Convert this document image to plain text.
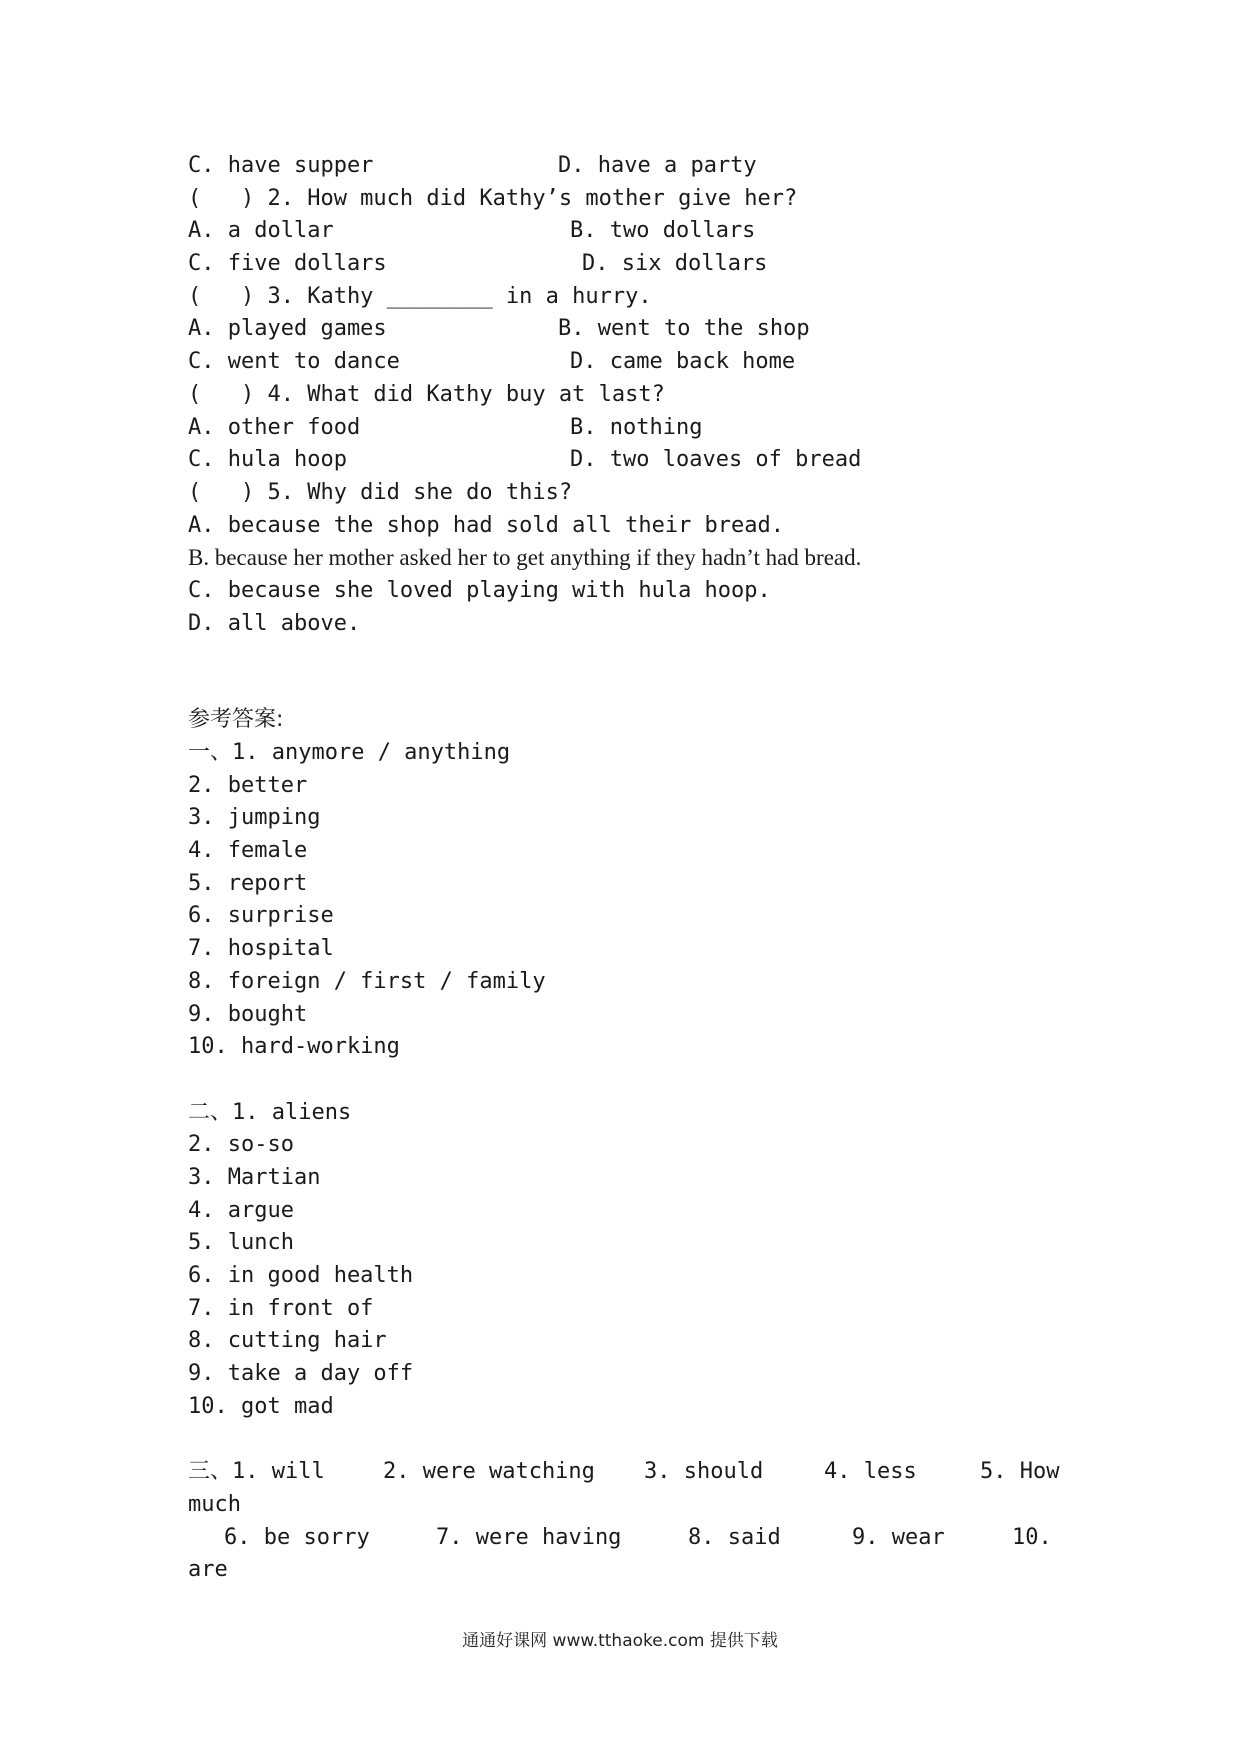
C. have supper

	D. have a party

(   ) 2. How much did Kathy’s mother give her?

A. a dollar

	B. two dollars

C. five dollars

	D. six dollars

(   ) 3. Kathy ________ in a hurry.

A. played games

	B. went to the shop

C. went to dance

	D. came back home

(   ) 4. What did Kathy buy at last?

A. other food

	B. nothing

C. hula hoop

	D. two loaves of bread

(   ) 5. Why did she do this?

A. because the shop had sold all their bread.

B. because her mother asked her to get anything if they hadn’t had bread.

C. because she loved playing with hula hoop.

D. all above.

参考答案:

一、1. anymore / anything
2. better
3. jumping
4. female
5. report
6. surprise
7. hospital
8. foreign / first / family
9. bought
10. hard-working
二、1. aliens
2. so-so
3. Martian
4. argue
5. lunch
6. in good health
7. in front of
8. cutting hair
9. take a day off
10. got mad

三、1. will

	2. were watching

3. should

	4. less

	5. How

much

6. be sorry

	7. were having

	8. said

	9. wear

	10.

are

通通好课网 www.tthaoke.com 提供下载
